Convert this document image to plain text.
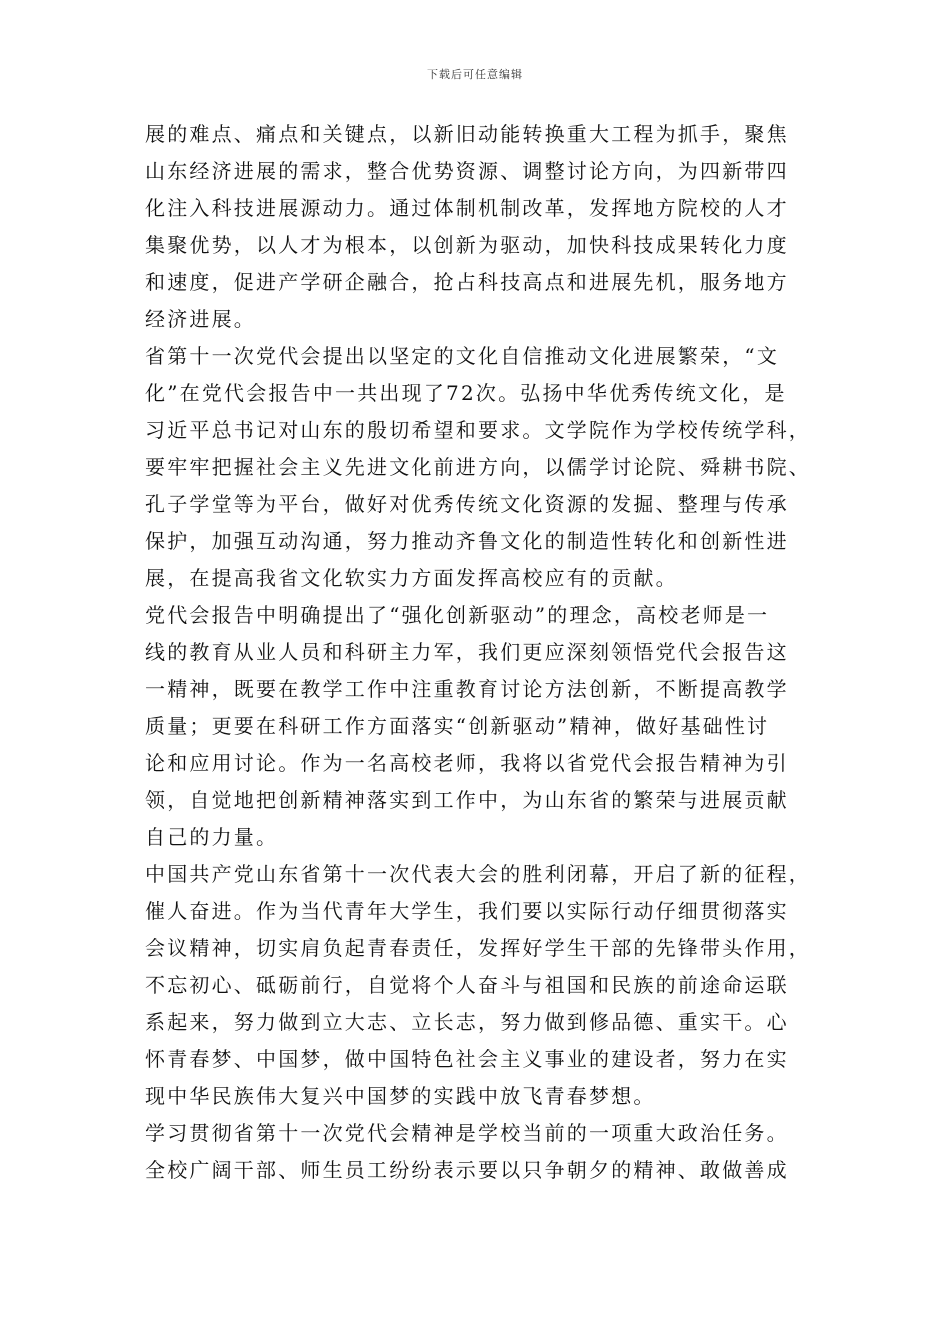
下载后可任意编辑
展的难点、痛点和关键点，以新旧动能转换重大工程为抓手，聚焦
山东经济进展的需求，整合优势资源、调整讨论方向，为四新带四
化注入科技进展源动力。通过体制机制改革，发挥地方院校的人才
集聚优势，以人才为根本，以创新为驱动，加快科技成果转化力度
和速度，促进产学研企融合，抢占科技高点和进展先机，服务地方
经济进展。
省第十一次党代会提出以坚定的文化自信推动文化进展繁荣，“文
化”在党代会报告中一共出现了72次。弘扬中华优秀传统文化，是
习近平总书记对山东的殷切希望和要求。文学院作为学校传统学科，
要牢牢把握社会主义先进文化前进方向，以儒学讨论院、舜耕书院、
孔子学堂等为平台，做好对优秀传统文化资源的发掘、整理与传承
保护，加强互动沟通，努力推动齐鲁文化的制造性转化和创新性进
展，在提高我省文化软实力方面发挥高校应有的贡献。
党代会报告中明确提出了“强化创新驱动”的理念，高校老师是一
线的教育从业人员和科研主力军，我们更应深刻领悟党代会报告这
一精神，既要在教学工作中注重教育讨论方法创新，不断提高教学
质量；更要在科研工作方面落实“创新驱动”精神，做好基础性讨
论和应用讨论。作为一名高校老师，我将以省党代会报告精神为引
领，自觉地把创新精神落实到工作中，为山东省的繁荣与进展贡献
自己的力量。
中国共产党山东省第十一次代表大会的胜利闭幕，开启了新的征程，
催人奋进。作为当代青年大学生，我们要以实际行动仔细贯彻落实
会议精神，切实肩负起青春责任，发挥好学生干部的先锋带头作用，
不忘初心、砥砺前行，自觉将个人奋斗与祖国和民族的前途命运联
系起来，努力做到立大志、立长志，努力做到修品德、重实干。心
怀青春梦、中国梦，做中国特色社会主义事业的建设者，努力在实
现中华民族伟大复兴中国梦的实践中放飞青春梦想。
学习贯彻省第十一次党代会精神是学校当前的一项重大政治任务。
全校广阔干部、师生员工纷纷表示要以只争朝夕的精神、敢做善成
